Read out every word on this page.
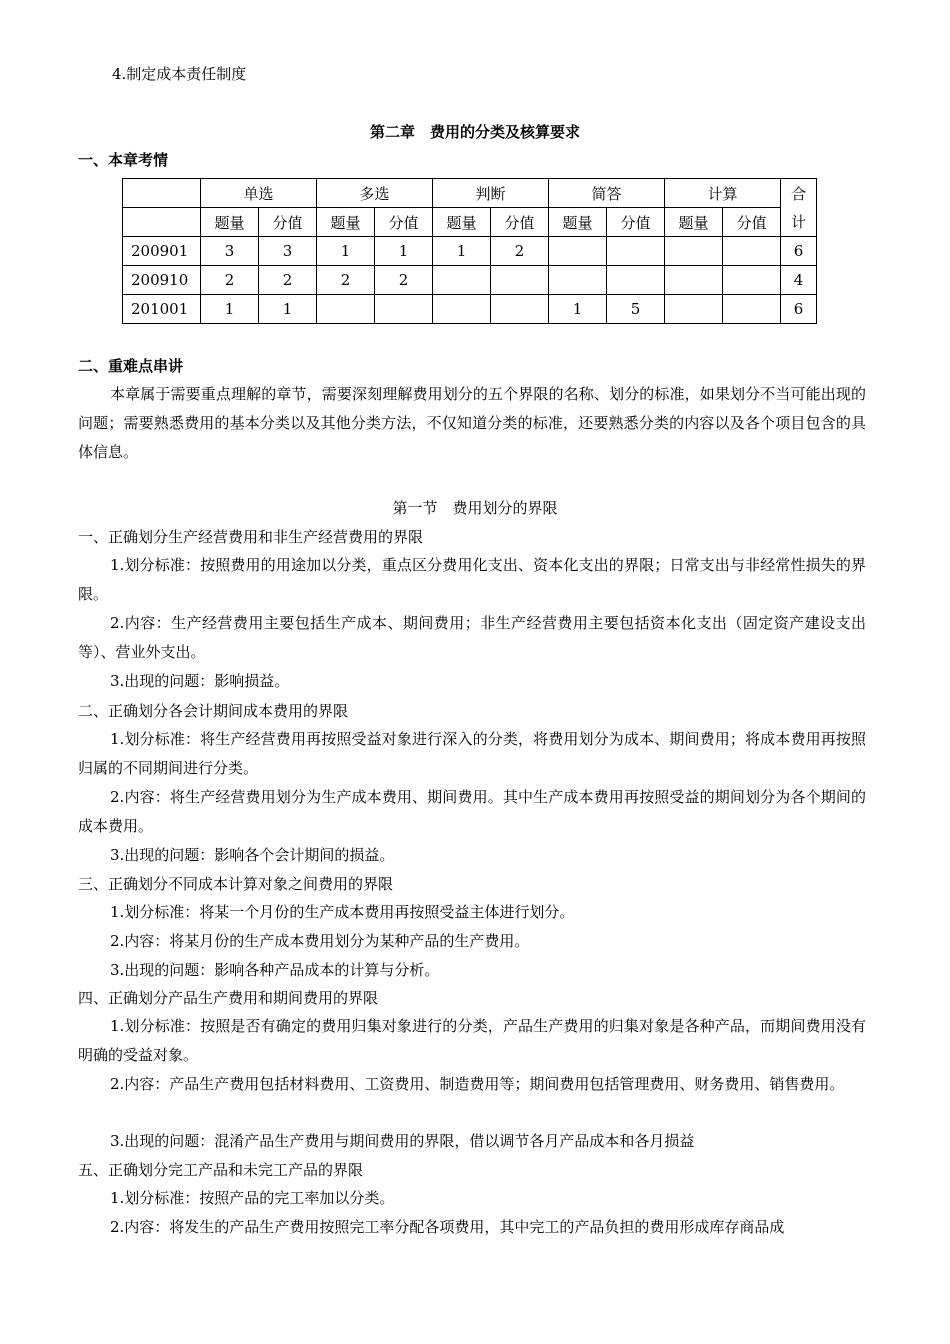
4.制定成本责任制度
第二章　费用的分类及核算要求
一、本章考情
	单选		多选		判断		简答		计算		合
计

	题量	分值	题量	分值	题量	分值	题量	分值	题量	分值	
200901	3	3	1	1	1	2					6
200910	2	2	2	2							4
201001	1	1					1	5			6
二、重难点串讲
本章属于需要重点理解的章节，需要深刻理解费用划分的五个界限的名称、划分的标准，如果划分不当可能出现的问题；需要熟悉费用的基本分类以及其他分类方法，不仅知道分类的标准，还要熟悉分类的内容以及各个项目包含的具体信息。
第一节　费用划分的界限
一、正确划分生产经营费用和非生产经营费用的界限
1.划分标准：按照费用的用途加以分类，重点区分费用化支出、资本化支出的界限；日常支出与非经常性损失的界限。
2.内容：生产经营费用主要包括生产成本、期间费用；非生产经营费用主要包括资本化支出（固定资产建设支出等）、营业外支出。
3.出现的问题：影响损益。
二、正确划分各会计期间成本费用的界限
1.划分标准：将生产经营费用再按照受益对象进行深入的分类，将费用划分为成本、期间费用；将成本费用再按照归属的不同期间进行分类。
2.内容：将生产经营费用划分为生产成本费用、期间费用。其中生产成本费用再按照受益的期间划分为各个期间的成本费用。
3.出现的问题：影响各个会计期间的损益。
三、正确划分不同成本计算对象之间费用的界限
1.划分标准：将某一个月份的生产成本费用再按照受益主体进行划分。
2.内容：将某月份的生产成本费用划分为某种产品的生产费用。
3.出现的问题：影响各种产品成本的计算与分析。
四、正确划分产品生产费用和期间费用的界限
1.划分标准：按照是否有确定的费用归集对象进行的分类，产品生产费用的归集对象是各种产品，而期间费用没有明确的受益对象。
2.内容：产品生产费用包括材料费用、工资费用、制造费用等；期间费用包括管理费用、财务费用、销售费用。
3.出现的问题：混淆产品生产费用与期间费用的界限，借以调节各月产品成本和各月损益
五、正确划分完工产品和未完工产品的界限
1.划分标准：按照产品的完工率加以分类。
2.内容：将发生的产品生产费用按照完工率分配各项费用，其中完工的产品负担的费用形成库存商品成
